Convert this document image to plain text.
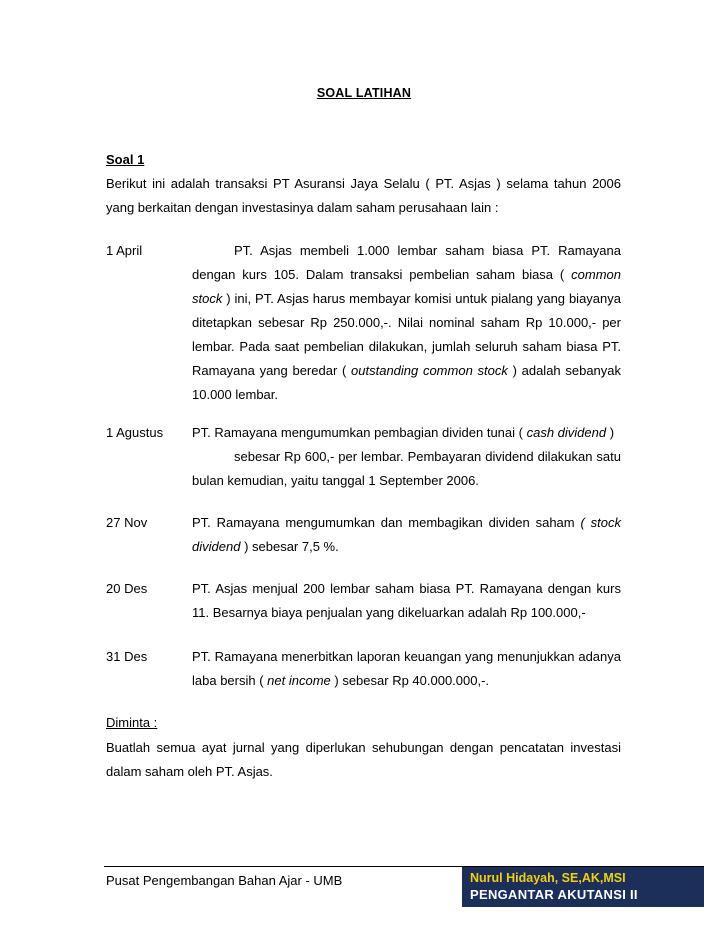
SOAL LATIHAN
Soal 1
Berikut ini adalah transaksi PT Asuransi Jaya Selalu ( PT. Asjas ) selama tahun 2006 yang berkaitan dengan investasinya dalam saham perusahaan lain :
1 April	PT. Asjas membeli 1.000 lembar saham biasa PT. Ramayana dengan kurs 105. Dalam transaksi pembelian saham biasa ( common stock ) ini, PT. Asjas harus membayar komisi untuk pialang yang biayanya ditetapkan sebesar Rp 250.000,-. Nilai nominal saham Rp 10.000,- per lembar. Pada saat pembelian dilakukan, jumlah seluruh saham biasa PT. Ramayana yang beredar ( outstanding common stock ) adalah sebanyak 10.000 lembar.
1 Agustus PT. Ramayana mengumumkan pembagian dividen tunai ( cash dividend )
sebesar Rp 600,- per lembar. Pembayaran dividend dilakukan satu bulan kemudian, yaitu tanggal 1 September 2006.
27 Nov	PT. Ramayana mengumumkan dan membagikan dividen saham ( stock dividend ) sebesar 7,5 %.
20 Des	PT. Asjas menjual 200 lembar saham biasa PT. Ramayana dengan kurs 11. Besarnya biaya penjualan yang dikeluarkan adalah Rp 100.000,-
31 Des	PT. Ramayana menerbitkan laporan keuangan yang menunjukkan adanya laba bersih ( net income ) sebesar Rp 40.000.000,-.
Diminta :
Buatlah semua ayat jurnal yang diperlukan sehubungan dengan pencatatan investasi dalam saham oleh PT. Asjas.
Pusat Pengembangan Bahan Ajar - UMB	Nurul Hidayah, SE,AK,MSI
PENGANTAR AKUTANSI II
